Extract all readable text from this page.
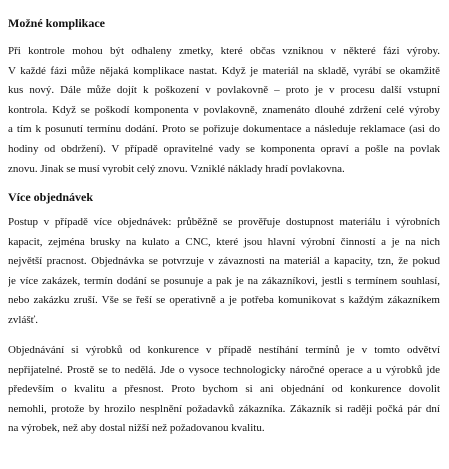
Možné komplikace
Při kontrole mohou být odhaleny zmetky, které občas vzniknou v některé fázi výroby.
V každé fázi může nějaká komplikace nastat. Když je materiál na skladě, vyrábí se okamžitě
kus nový. Dále může dojít k poškození v povlakovně – proto je v procesu další vstupní
kontrola. Když se poškodí komponenta v povlakovně, znamenáto dlouhé zdržení celé výroby
a tím k posunutí termínu dodání. Proto se pořizuje dokumentace a následuje reklamace (asi do
hodiny od obdržení). V případě opravitelné vady se komponenta opraví a pošle na povlak
znovu. Jinak se musí vyrobit celý znovu. Vzniklé náklady hradí povlakovna.
Více objednávek
Postup v případě více objednávek: průběžně se prověřuje dostupnost materiálu i výrobních
kapacit, zejména brusky na kulato a CNC, které jsou hlavní výrobní činností a je na nich
největší pracnost. Objednávka se potvrzuje v závaznosti na materiál a kapacity, tzn, že pokud
je více zakázek, termín dodání se posunuje a pak je na zákazníkovi, jestli s termínem souhlasí,
nebo zakázku zruší. Vše se řeší se operativně a je potřeba komunikovat s každým zákazníkem
zvlášť.
Objednávání si výrobků od konkurence v případě nestíhání termínů je v tomto odvětví
nepřijatelné. Prostě se to nedělá. Jde o vysoce technologicky náročné operace a u výrobků jde
především o kvalitu a přesnost. Proto bychom si ani objednání od konkurence dovolit
nemohli, protože by hrozilo nesplnění požadavků zákazníka. Zákazník si raději počká pár dní
na výrobek, než aby dostal nižší než požadovanou kvalitu.
